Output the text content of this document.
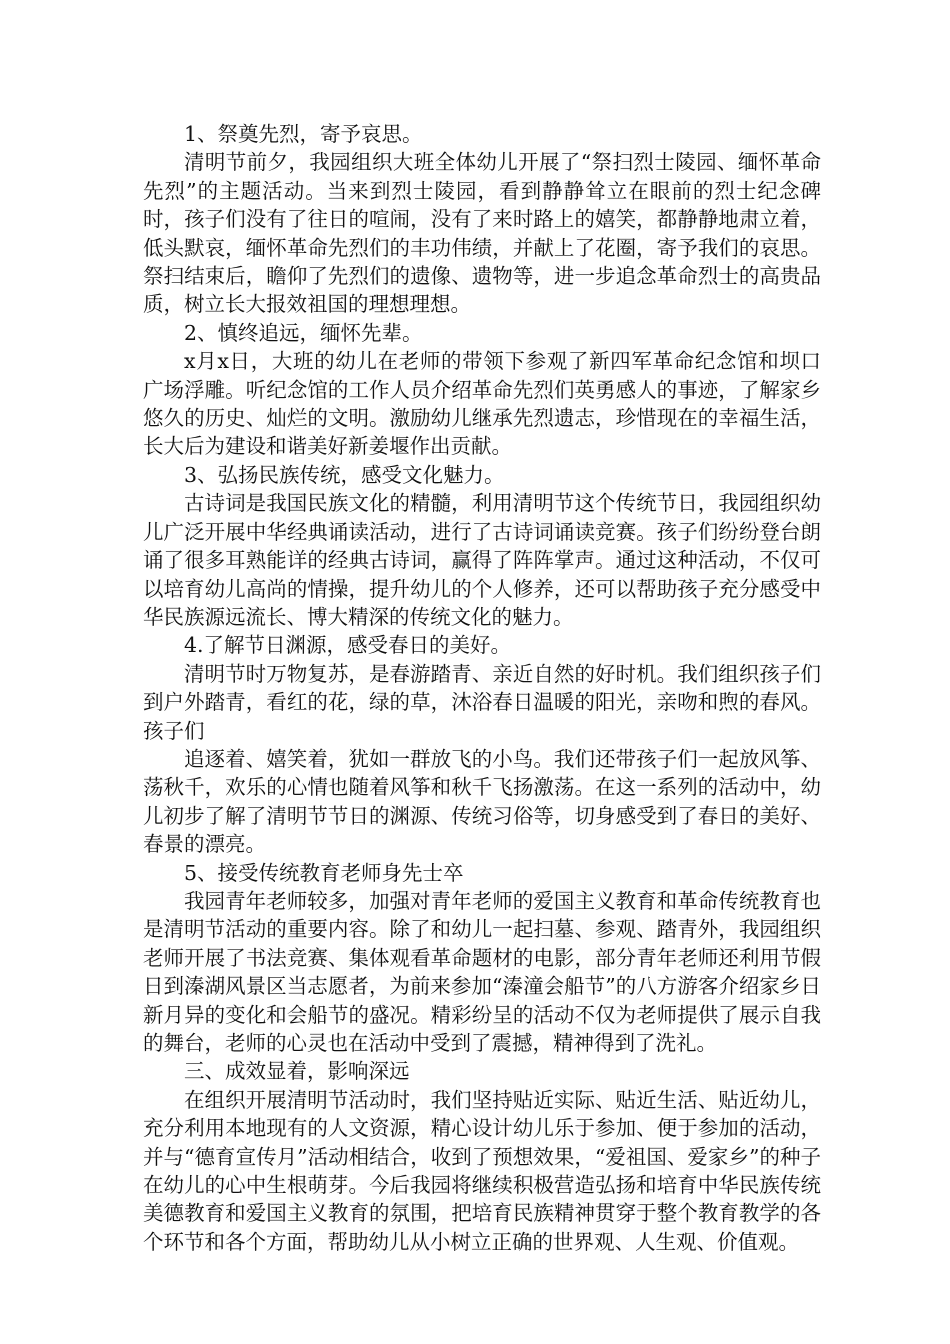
1、祭奠先烈，寄予哀思。

清明节前夕，我园组织大班全体幼儿开展了“祭扫烈士陵园、缅怀革命先烈”的主题活动。当来到烈士陵园，看到静静耸立在眼前的烈士纪念碑时，孩子们没有了往日的喧闹，没有了来时路上的嬉笑，都静静地肃立着，低头默哀，缅怀革命先烈们的丰功伟绩，并献上了花圈，寄予我们的哀思。祭扫结束后，瞻仰了先烈们的遗像、遗物等，进一步追念革命烈士的高贵品质，树立长大报效祖国的理想理想。

2、慎终追远，缅怀先辈。

x月x日，大班的幼儿在老师的带领下参观了新四军革命纪念馆和坝口广场浮雕。听纪念馆的工作人员介绍革命先烈们英勇感人的事迹，了解家乡悠久的历史、灿烂的文明。激励幼儿继承先烈遗志，珍惜现在的幸福生活，长大后为建设和谐美好新姜堰作出贡献。

3、弘扬民族传统，感受文化魅力。

古诗词是我国民族文化的精髓，利用清明节这个传统节日，我园组织幼儿广泛开展中华经典诵读活动，进行了古诗词诵读竞赛。孩子们纷纷登台朗诵了很多耳熟能详的经典古诗词，赢得了阵阵掌声。通过这种活动，不仅可以培育幼儿高尚的情操，提升幼儿的个人修养，还可以帮助孩子充分感受中华民族源远流长、博大精深的传统文化的魅力。

4.了解节日渊源，感受春日的美好。

清明节时万物复苏，是春游踏青、亲近自然的好时机。我们组织孩子们到户外踏青，看红的花，绿的草，沐浴春日温暖的阳光，亲吻和煦的春风。孩子们

追逐着、嬉笑着，犹如一群放飞的小鸟。我们还带孩子们一起放风筝、荡秋千，欢乐的心情也随着风筝和秋千飞扬激荡。在这一系列的活动中，幼儿初步了解了清明节节日的渊源、传统习俗等，切身感受到了春日的美好、春景的漂亮。

5、接受传统教育老师身先士卒

我园青年老师较多，加强对青年老师的爱国主义教育和革命传统教育也是清明节活动的重要内容。除了和幼儿一起扫墓、参观、踏青外，我园组织老师开展了书法竞赛、集体观看革命题材的电影，部分青年老师还利用节假日到溱湖风景区当志愿者，为前来参加“溱潼会船节”的八方游客介绍家乡日新月异的变化和会船节的盛况。精彩纷呈的活动不仅为老师提供了展示自我的舞台，老师的心灵也在活动中受到了震撼，精神得到了洗礼。

三、成效显着，影响深远

在组织开展清明节活动时，我们坚持贴近实际、贴近生活、贴近幼儿，充分利用本地现有的人文资源，精心设计幼儿乐于参加、便于参加的活动，并与“德育宣传月”活动相结合，收到了预想效果，“爱祖国、爱家乡”的种子在幼儿的心中生根萌芽。今后我园将继续积极营造弘扬和培育中华民族传统美德教育和爱国主义教育的氛围，把培育民族精神贯穿于整个教育教学的各个环节和各个方面，帮助幼儿从小树立正确的世界观、人生观、价值观。
